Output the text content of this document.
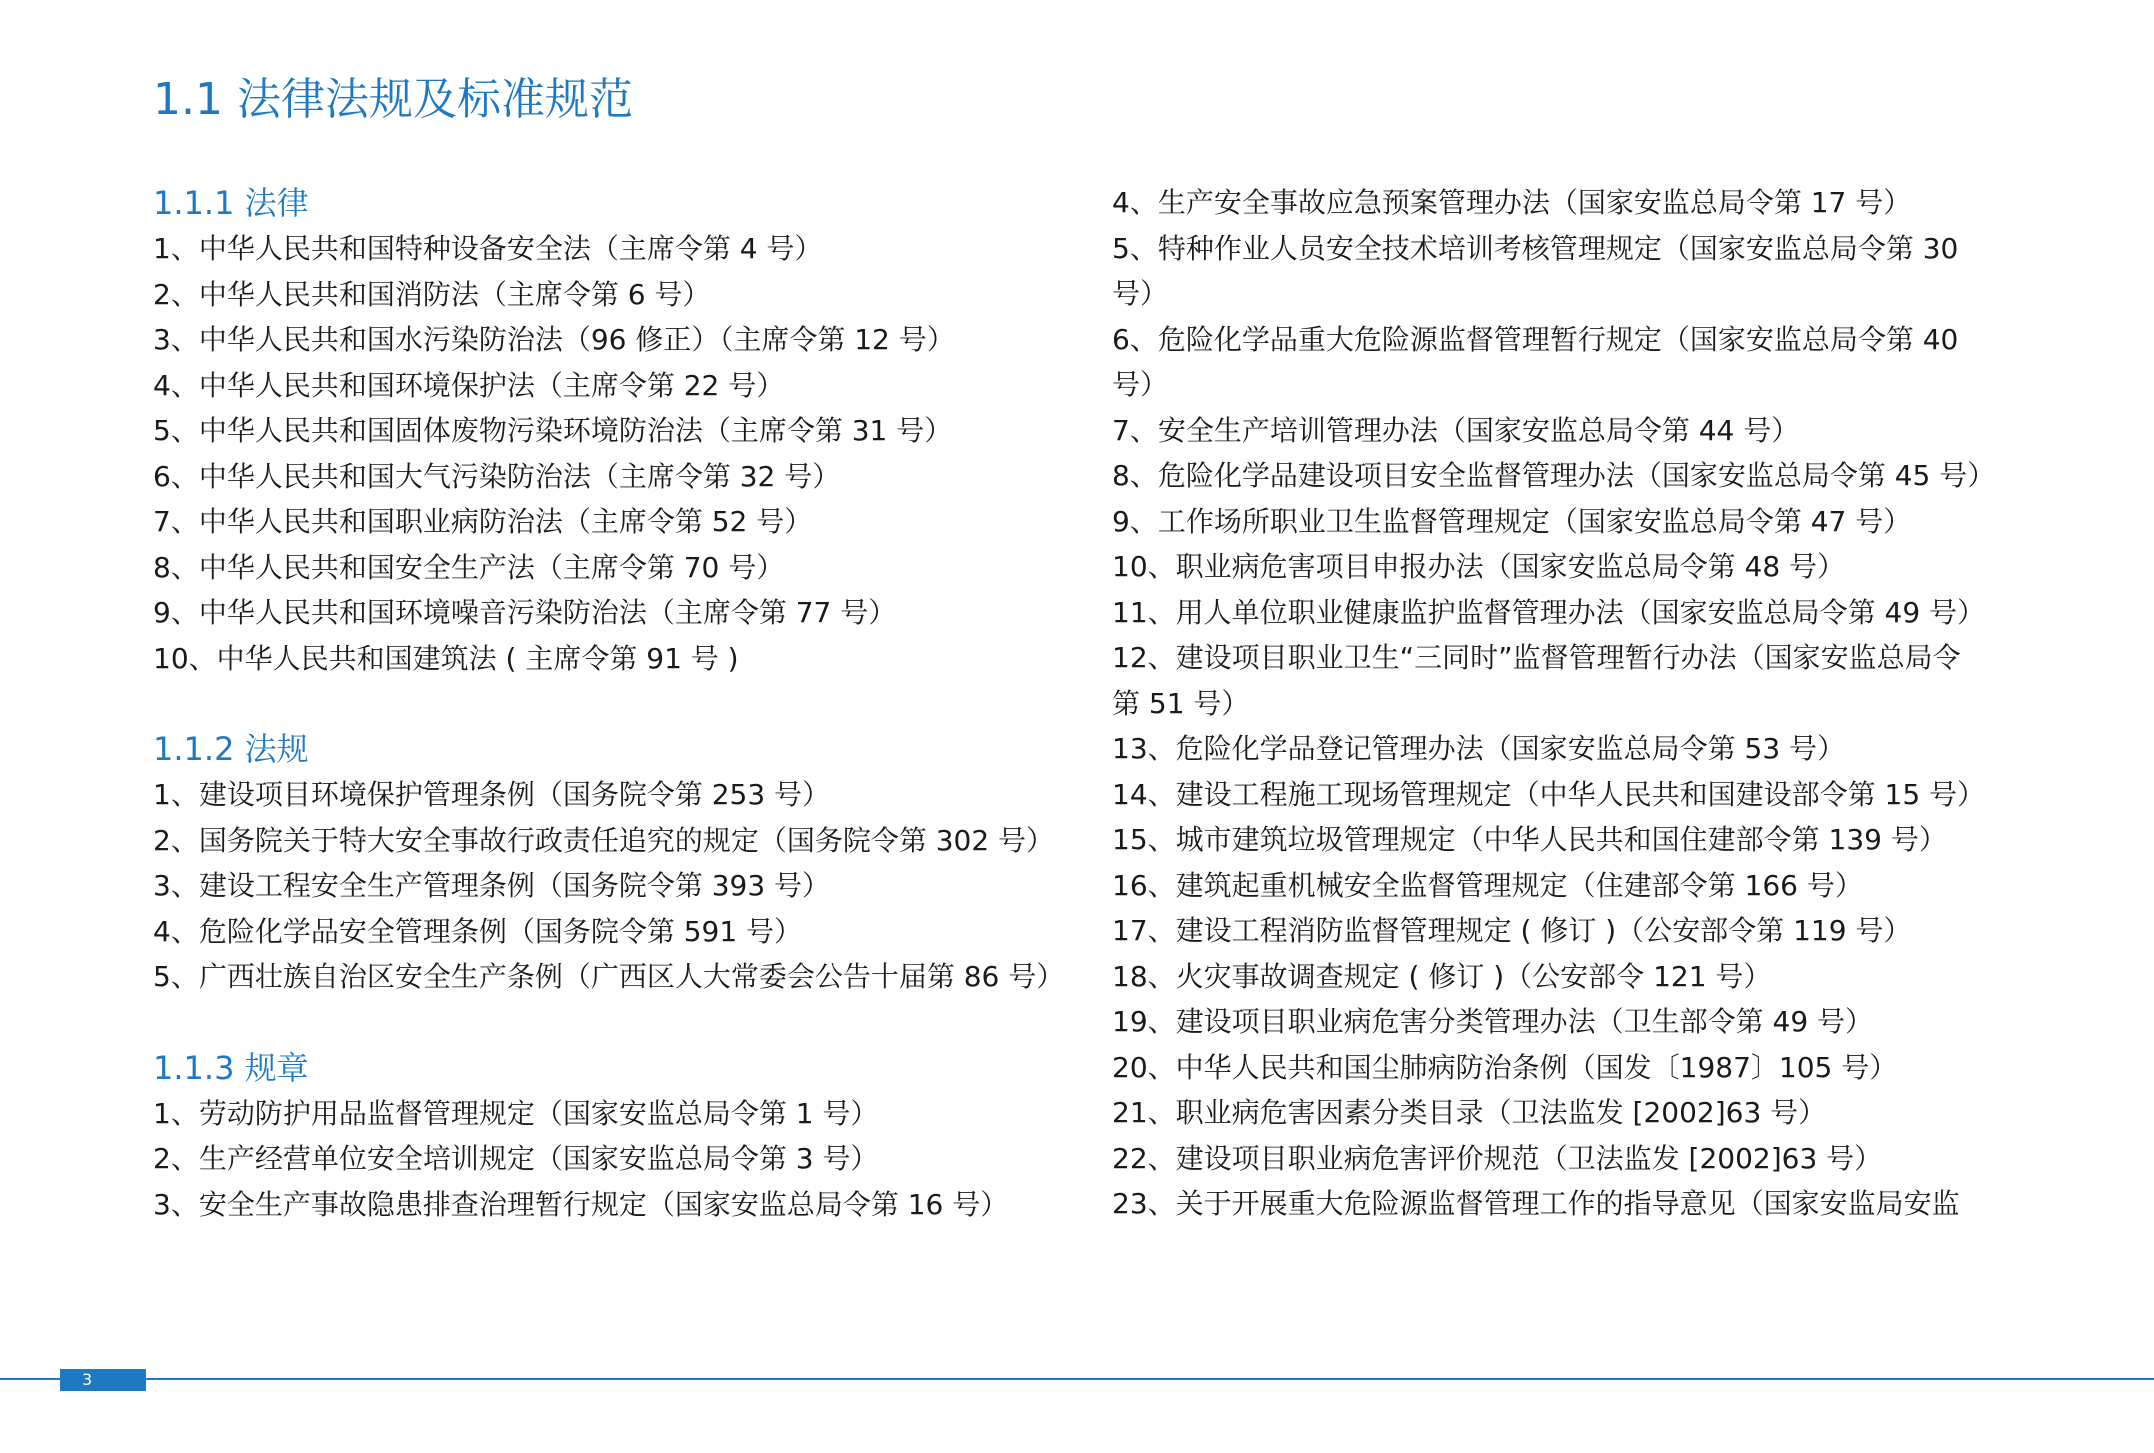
1.1 法律法规及标准规范
1.1.1 法律
1、中华人民共和国特种设备安全法（主席令第 4 号）
2、中华人民共和国消防法（主席令第 6 号）
3、中华人民共和国水污染防治法（96 修正）（主席令第 12 号）
4、中华人民共和国环境保护法（主席令第 22 号）
5、中华人民共和国固体废物污染环境防治法（主席令第 31 号）
6、中华人民共和国大气污染防治法（主席令第 32 号）
7、中华人民共和国职业病防治法（主席令第 52 号）
8、中华人民共和国安全生产法（主席令第 70 号）
9、中华人民共和国环境噪音污染防治法（主席令第 77 号）
10、中华人民共和国建筑法 ( 主席令第 91 号 )
1.1.2 法规
1、建设项目环境保护管理条例（国务院令第 253 号）
2、国务院关于特大安全事故行政责任追究的规定（国务院令第 302 号）
3、建设工程安全生产管理条例（国务院令第 393 号）
4、危险化学品安全管理条例（国务院令第 591 号）
5、广西壮族自治区安全生产条例（广西区人大常委会公告十届第 86 号）
1.1.3 规章
1、劳动防护用品监督管理规定（国家安监总局令第 1 号）
2、生产经营单位安全培训规定（国家安监总局令第 3 号）
3、安全生产事故隐患排查治理暂行规定（国家安监总局令第 16 号）
4、生产安全事故应急预案管理办法（国家安监总局令第 17 号）
5、特种作业人员安全技术培训考核管理规定（国家安监总局令第 30 号）
6、危险化学品重大危险源监督管理暂行规定（国家安监总局令第 40 号）
7、安全生产培训管理办法（国家安监总局令第 44 号）
8、危险化学品建设项目安全监督管理办法（国家安监总局令第 45 号）
9、工作场所职业卫生监督管理规定（国家安监总局令第 47 号）
10、职业病危害项目申报办法（国家安监总局令第 48 号）
11、用人单位职业健康监护监督管理办法（国家安监总局令第 49 号）
12、建设项目职业卫生“三同时”监督管理暂行办法（国家安监总局令第 51 号）
13、危险化学品登记管理办法（国家安监总局令第 53 号）
14、建设工程施工现场管理规定（中华人民共和国建设部令第 15 号）
15、城市建筑垃圾管理规定（中华人民共和国住建部令第 139 号）
16、建筑起重机械安全监督管理规定（住建部令第 166 号）
17、建设工程消防监督管理规定 ( 修订 )（公安部令第 119 号）
18、火灾事故调查规定 ( 修订 )（公安部令 121 号）
19、建设项目职业病危害分类管理办法（卫生部令第 49 号）
20、中华人民共和国尘肺病防治条例（国发〔1987〕105 号）
21、职业病危害因素分类目录（卫法监发 [2002]63 号）
22、建设项目职业病危害评价规范（卫法监发 [2002]63 号）
23、关于开展重大危险源监督管理工作的指导意见（国家安监局安监
3
